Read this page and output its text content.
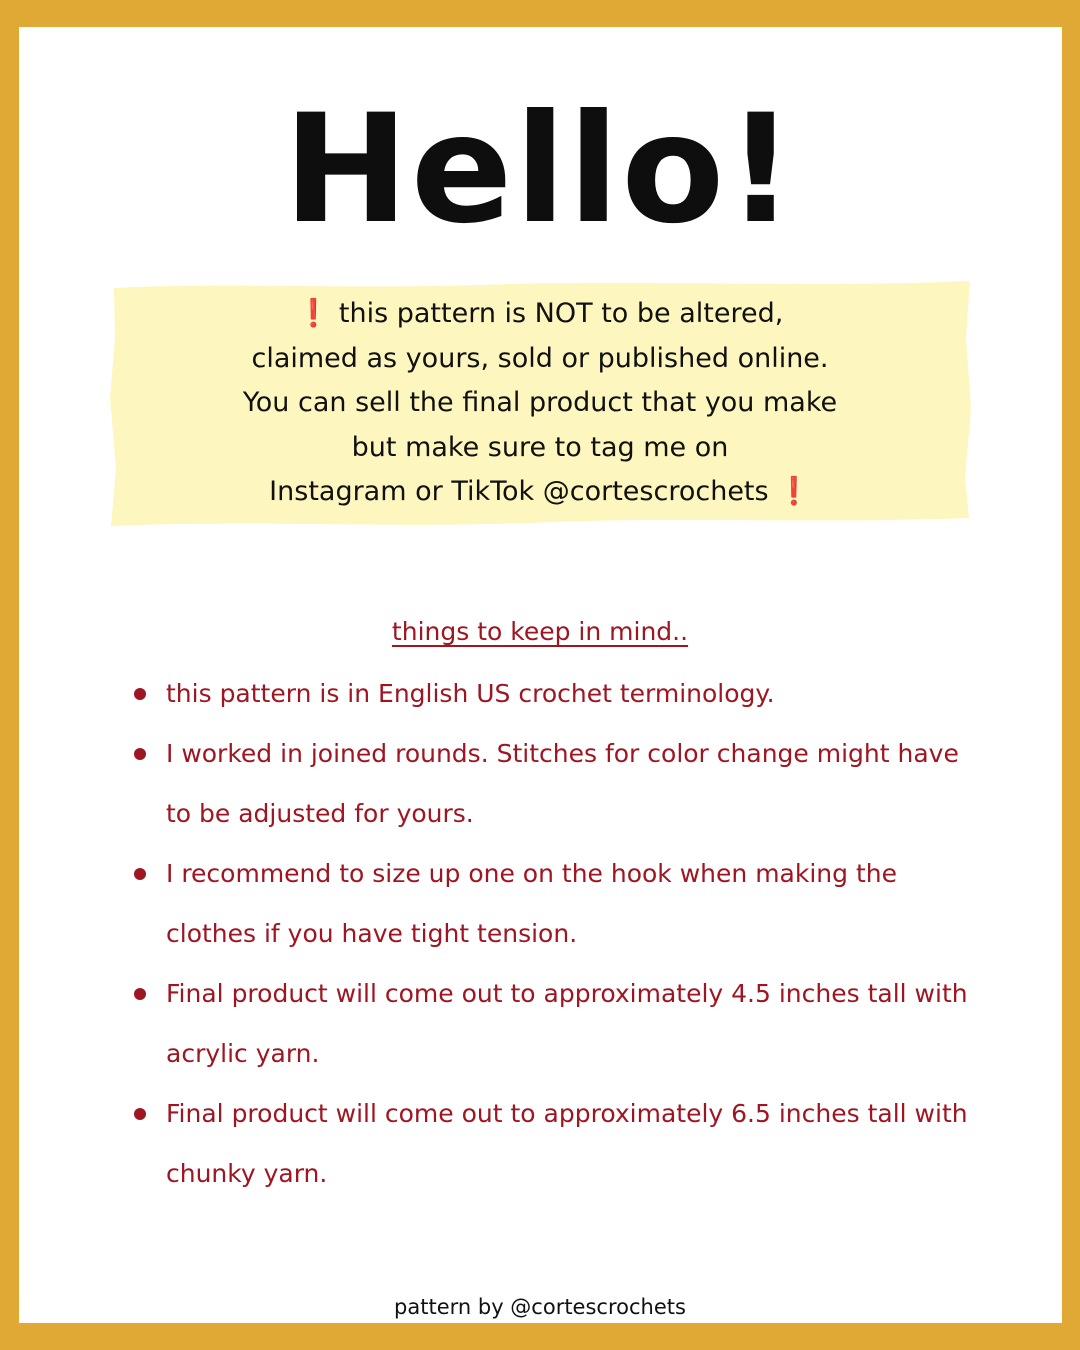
Hello!
❗ this pattern is NOT to be altered,
claimed as yours, sold or published online.
You can sell the final product that you make
but make sure to tag me on
Instagram or TikTok @cortescrochets ❗
things to keep in mind..
this pattern is in English US crochet terminology.
I worked in joined rounds. Stitches for color change might have to be adjusted for yours.
I recommend to size up one on the hook when making the clothes if you have tight tension.
Final product will come out to approximately 4.5 inches tall with acrylic yarn.
Final product will come out to approximately 6.5 inches tall with chunky yarn.
pattern by @cortescrochets
